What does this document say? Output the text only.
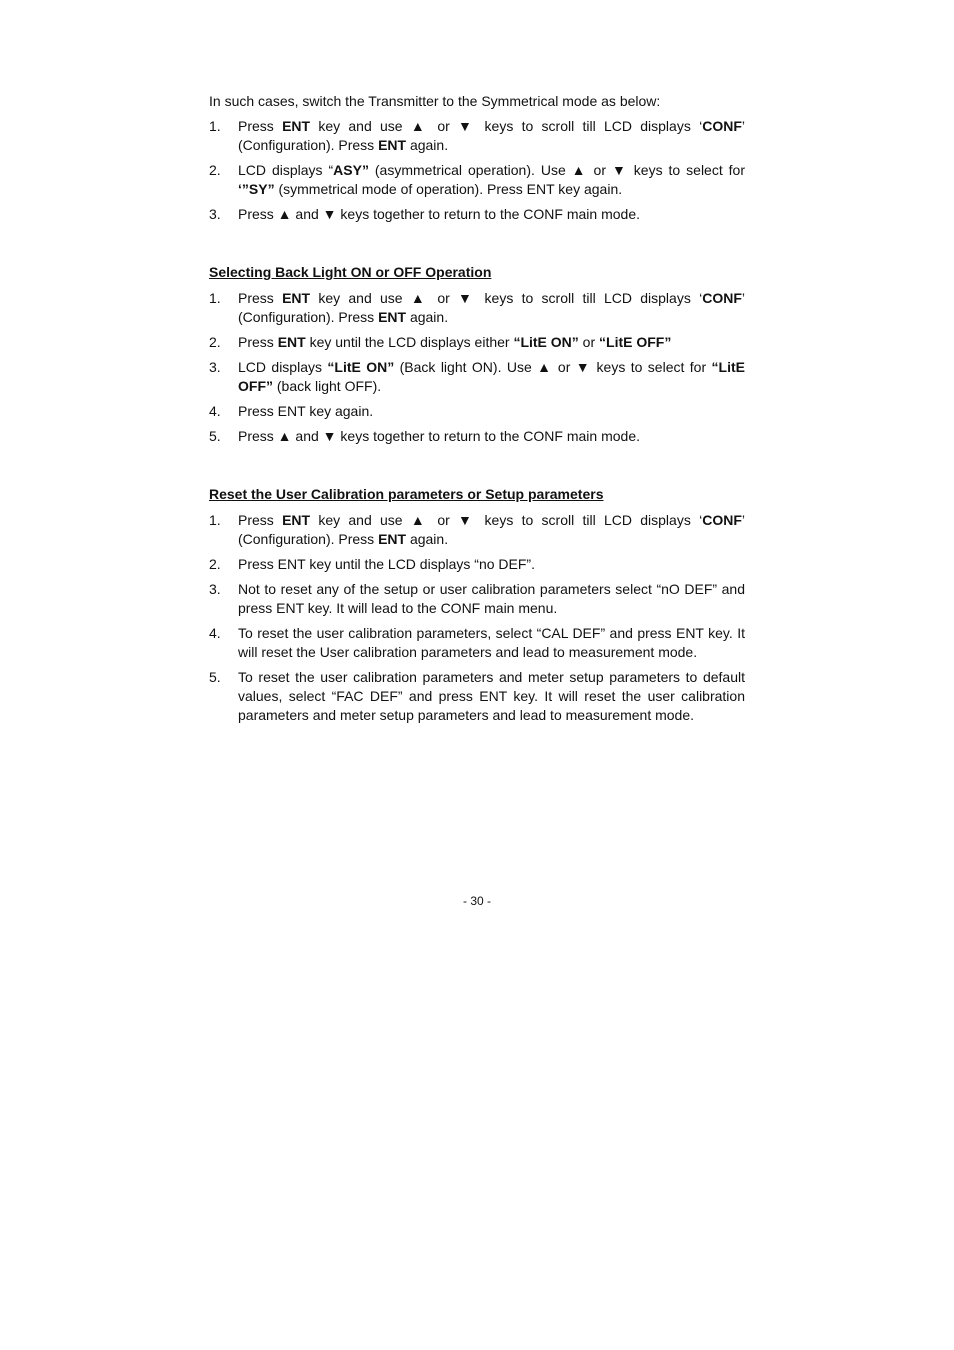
In such cases, switch the Transmitter to the Symmetrical mode as below:

1.	Press ENT key and use ▲ or ▼ keys to scroll till LCD displays ‘CONF’ (Configuration). Press ENT again.
2.	LCD displays “ASY” (asymmetrical operation). Use ▲ or ▼ keys to select for ‘”SY” (symmetrical mode of operation). Press ENT key again.
3.	Press ▲ and ▼ keys together to return to the CONF main mode.

Selecting Back Light ON or OFF Operation

1.	Press ENT key and use ▲ or ▼ keys to scroll till LCD displays ‘CONF’ (Configuration). Press ENT again.
2.	Press ENT key until the LCD displays either “LitE ON” or “LitE OFF”
3.	LCD displays “LitE ON” (Back light ON). Use ▲ or ▼ keys to select for “LitE OFF” (back light OFF).
4.	Press ENT key again.
5.	Press ▲ and ▼ keys together to return to the CONF main mode.

Reset the User Calibration parameters or Setup parameters

1.	Press ENT key and use ▲ or ▼ keys to scroll till LCD displays ‘CONF’ (Configuration). Press ENT again.
2.	Press ENT key until the LCD displays “no DEF”.
3.	Not to reset any of the setup or user calibration parameters select “nO DEF” and press ENT key. It will lead to the CONF main menu.
4.	To reset the user calibration parameters, select “CAL DEF” and press ENT key. It will reset the User calibration parameters and lead to measurement mode.
5.	To reset the user calibration parameters and meter setup parameters to default values, select “FAC DEF” and press ENT key. It will reset the user calibration parameters and meter setup parameters and lead to measurement mode.
- 30 -
